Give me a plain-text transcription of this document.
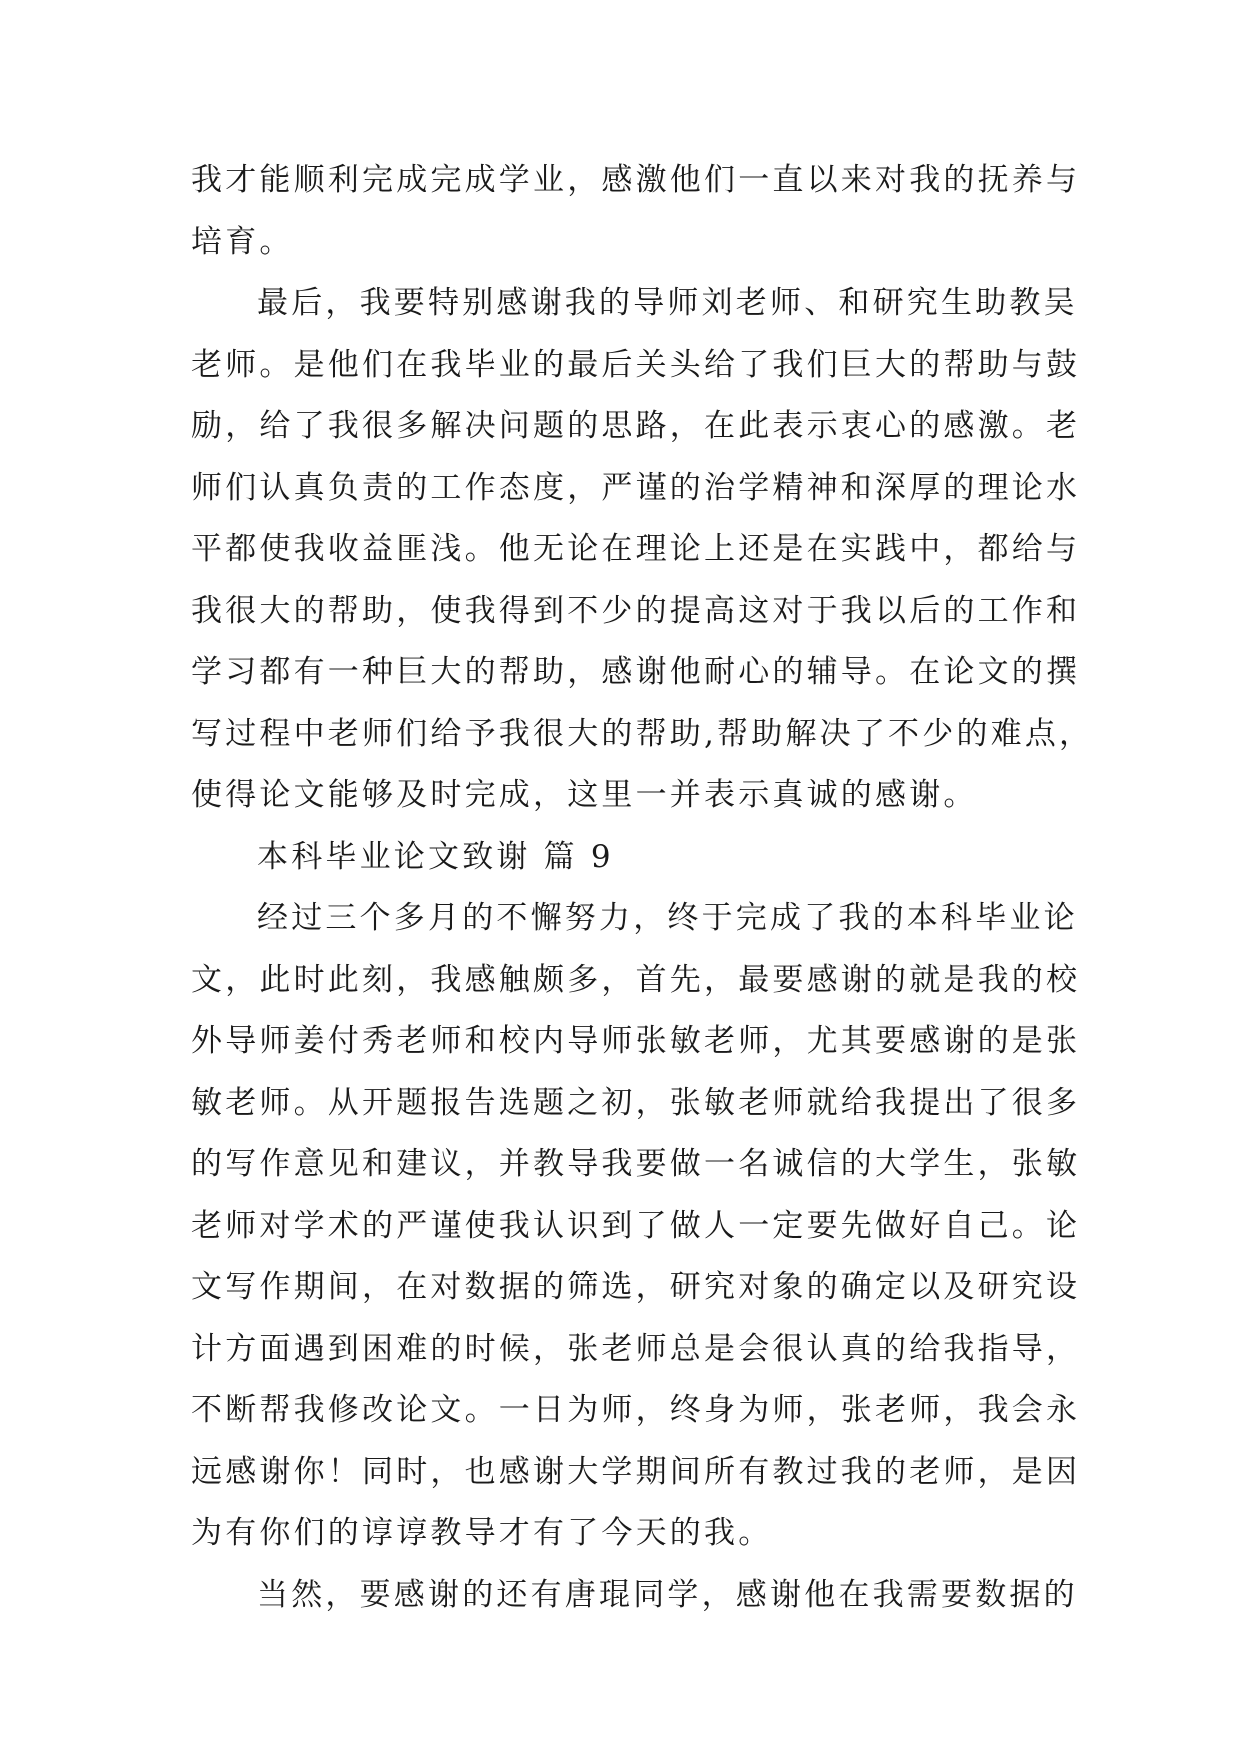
我才能顺利完成完成学业，感激他们一直以来对我的抚养与
培育。
最后，我要特别感谢我的导师刘老师、和研究生助教吴
老师。是他们在我毕业的最后关头给了我们巨大的帮助与鼓
励，给了我很多解决问题的思路，在此表示衷心的感激。老
师们认真负责的工作态度，严谨的治学精神和深厚的理论水
平都使我收益匪浅。他无论在理论上还是在实践中，都给与
我很大的帮助，使我得到不少的提高这对于我以后的工作和
学习都有一种巨大的帮助，感谢他耐心的辅导。在论文的撰
写过程中老师们给予我很大的帮助,帮助解决了不少的难点，
使得论文能够及时完成，这里一并表示真诚的感谢。
本科毕业论文致谢 篇 9
经过三个多月的不懈努力，终于完成了我的本科毕业论
文，此时此刻，我感触颇多，首先，最要感谢的就是我的校
外导师姜付秀老师和校内导师张敏老师，尤其要感谢的是张
敏老师。从开题报告选题之初，张敏老师就给我提出了很多
的写作意见和建议，并教导我要做一名诚信的大学生，张敏
老师对学术的严谨使我认识到了做人一定要先做好自己。论
文写作期间，在对数据的筛选，研究对象的确定以及研究设
计方面遇到困难的时候，张老师总是会很认真的给我指导，
不断帮我修改论文。一日为师，终身为师，张老师，我会永
远感谢你！同时，也感谢大学期间所有教过我的老师，是因
为有你们的谆谆教导才有了今天的我。
当然，要感谢的还有唐琨同学，感谢他在我需要数据的
